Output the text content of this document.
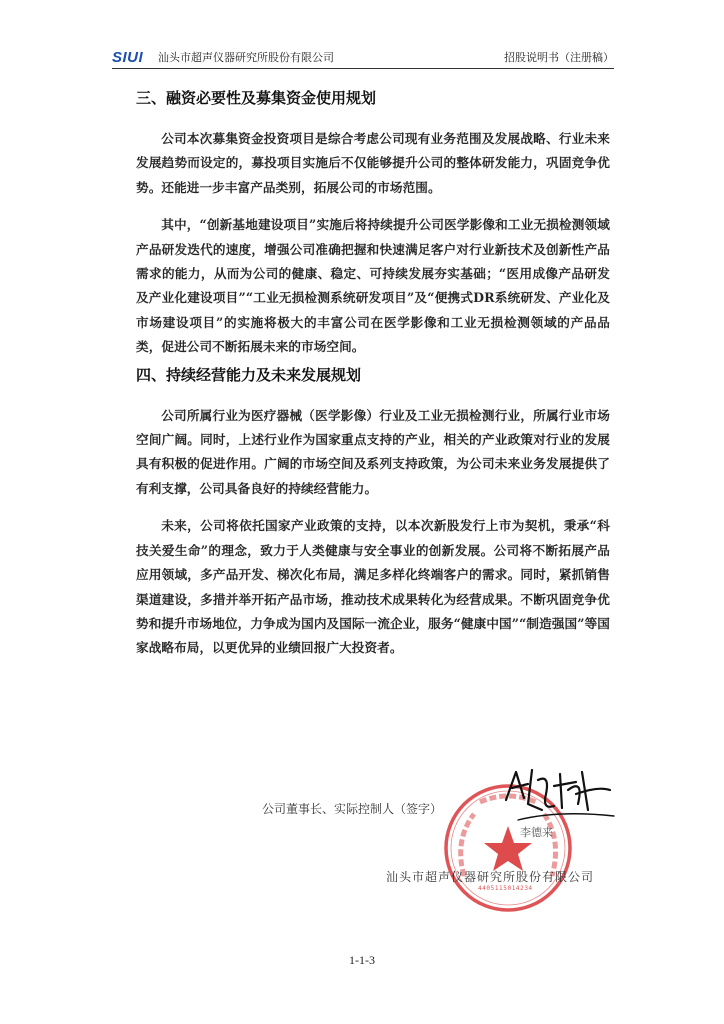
SIUI 汕头市超声仪器研究所股份有限公司	招股说明书（注册稿）
三、融资必要性及募集资金使用规划

公司本次募集资金投资项目是综合考虑公司现有业务范围及发展战略、行业未来发展趋势而设定的，募投项目实施后不仅能够提升公司的整体研发能力，巩固竞争优势。还能进一步丰富产品类别，拓展公司的市场范围。

其中，“创新基地建设项目”实施后将持续提升公司医学影像和工业无损检测领域产品研发迭代的速度，增强公司准确把握和快速满足客户对行业新技术及创新性产品需求的能力，从而为公司的健康、稳定、可持续发展夯实基础；“医用成像产品研发及产业化建设项目”“工业无损检测系统研发项目”及“便携式DR系统研发、产业化及市场建设项目”的实施将极大的丰富公司在医学影像和工业无损检测领域的产品品类，促进公司不断拓展未来的市场空间。

四、持续经营能力及未来发展规划

公司所属行业为医疗器械（医学影像）行业及工业无损检测行业，所属行业市场空间广阔。同时，上述行业作为国家重点支持的产业，相关的产业政策对行业的发展具有积极的促进作用。广阔的市场空间及系列支持政策，为公司未来业务发展提供了有利支撑，公司具备良好的持续经营能力。

未来，公司将依托国家产业政策的支持，以本次新股发行上市为契机，秉承“科技关爱生命”的理念，致力于人类健康与安全事业的创新发展。公司将不断拓展产品应用领域，多产品开发、梯次化布局，满足多样化终端客户的需求。同时，紧抓销售渠道建设，多措并举开拓产品市场，推动技术成果转化为经营成果。不断巩固竞争优势和提升市场地位，力争成为国内及国际一流企业，服务“健康中国”“制造强国”等国家战略布局，以更优异的业绩回报广大投资者。

4405115014234
公司董事长、实际控制人（签字）
李德来
汕头市超声仪器研究所股份有限公司
1-1-3
